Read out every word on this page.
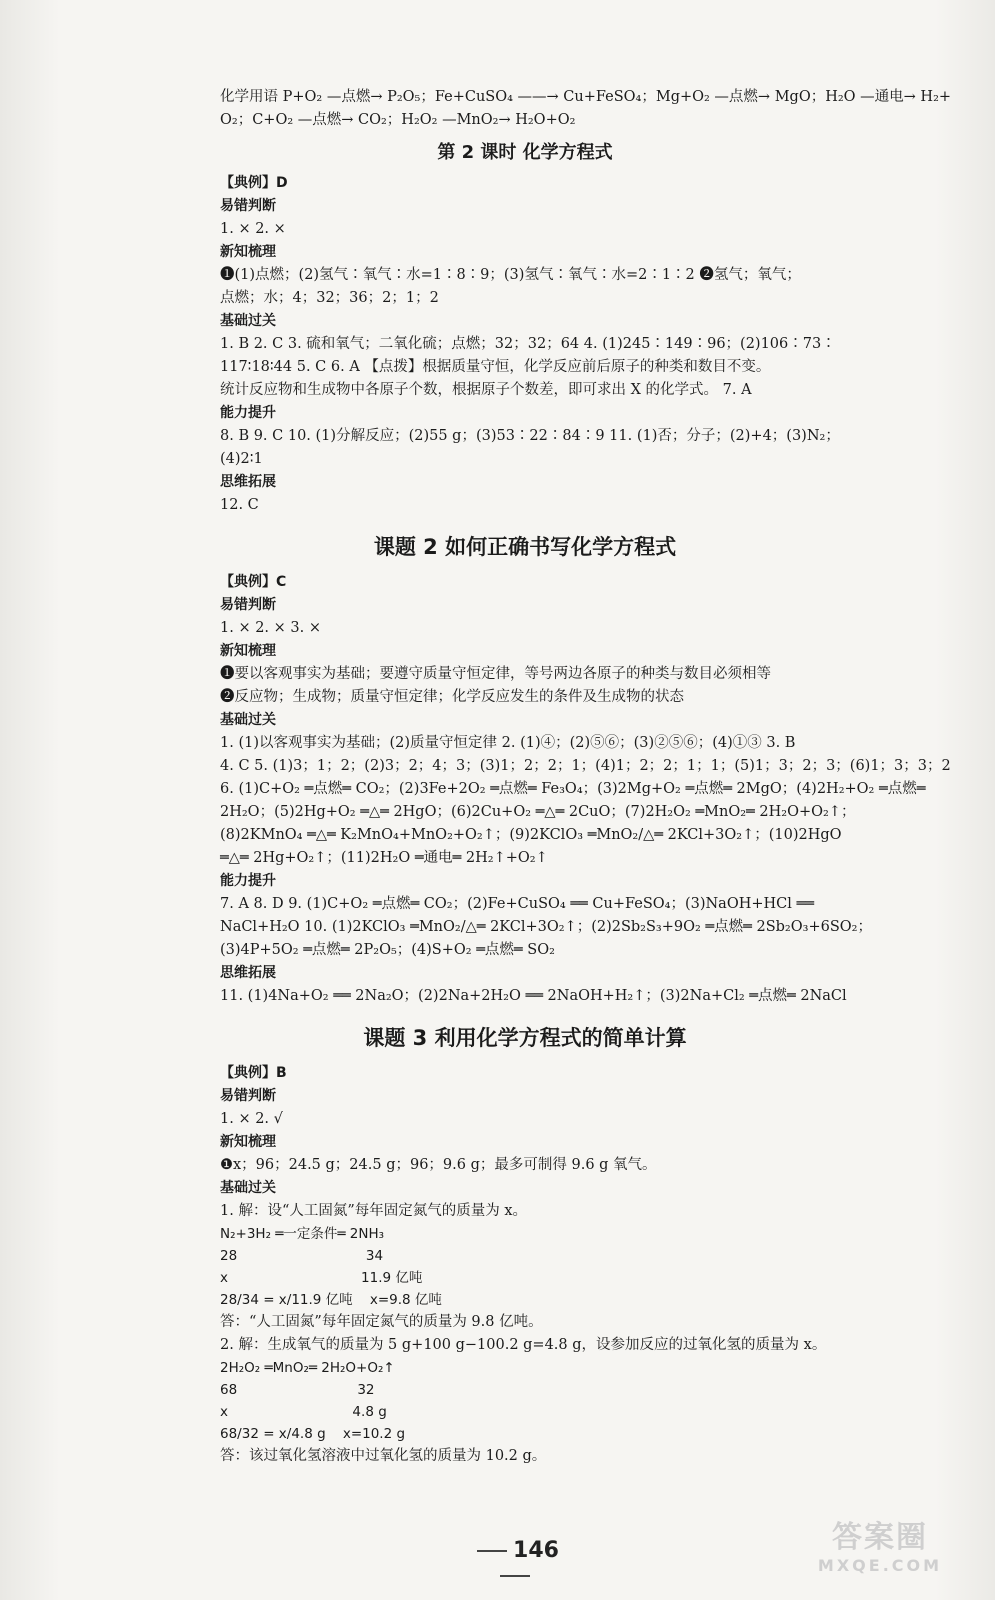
化学用语 P+O₂ —点燃→ P₂O₅；Fe+CuSO₄ ——→ Cu+FeSO₄；Mg+O₂ —点燃→ MgO；H₂O —通电→ H₂+
O₂；C+O₂ —点燃→ CO₂；H₂O₂ —MnO₂→ H₂O+O₂
第 2 课时 化学方程式
【典例】D
易错判断
1. × 2. ×
新知梳理
❶(1)点燃；(2)氢气∶氧气∶水=1∶8∶9；(3)氢气∶氧气∶水=2∶1∶2 ❷氢气；氧气；
点燃；水；4；32；36；2；1；2
基础过关
1. B 2. C 3. 硫和氧气；二氧化硫；点燃；32；32；64 4. (1)245∶149∶96；(2)106∶73∶
117∶18∶44 5. C 6. A 【点拨】根据质量守恒，化学反应前后原子的种类和数目不变。
统计反应物和生成物中各原子个数，根据原子个数差，即可求出 X 的化学式。 7. A
能力提升
8. B 9. C 10. (1)分解反应；(2)55 g；(3)53∶22∶84∶9 11. (1)否；分子；(2)+4；(3)N₂；
(4)2∶1
思维拓展
12. C
课题 2 如何正确书写化学方程式
【典例】C
易错判断
1. × 2. × 3. ×
新知梳理
❶要以客观事实为基础；要遵守质量守恒定律，等号两边各原子的种类与数目必须相等
❷反应物；生成物；质量守恒定律；化学反应发生的条件及生成物的状态
基础过关
1. (1)以客观事实为基础；(2)质量守恒定律 2. (1)④；(2)⑤⑥；(3)②⑤⑥；(4)①③ 3. B
4. C 5. (1)3；1；2；(2)3；2；4；3；(3)1；2；2；1；(4)1；2；2；1；1；(5)1；3；2；3；(6)1；3；3；2
6. (1)C+O₂ ═点燃═ CO₂；(2)3Fe+2O₂ ═点燃═ Fe₃O₄；(3)2Mg+O₂ ═点燃═ 2MgO；(4)2H₂+O₂ ═点燃═
2H₂O；(5)2Hg+O₂ ═△═ 2HgO；(6)2Cu+O₂ ═△═ 2CuO；(7)2H₂O₂ ═MnO₂═ 2H₂O+O₂↑；
(8)2KMnO₄ ═△═ K₂MnO₄+MnO₂+O₂↑；(9)2KClO₃ ═MnO₂/△═ 2KCl+3O₂↑；(10)2HgO
═△═ 2Hg+O₂↑；(11)2H₂O ═通电═ 2H₂↑+O₂↑
能力提升
7. A 8. D 9. (1)C+O₂ ═点燃═ CO₂；(2)Fe+CuSO₄ ══ Cu+FeSO₄；(3)NaOH+HCl ══
NaCl+H₂O 10. (1)2KClO₃ ═MnO₂/△═ 2KCl+3O₂↑；(2)2Sb₂S₃+9O₂ ═点燃═ 2Sb₂O₃+6SO₂；
(3)4P+5O₂ ═点燃═ 2P₂O₅；(4)S+O₂ ═点燃═ SO₂
思维拓展
11. (1)4Na+O₂ ══ 2Na₂O；(2)2Na+2H₂O ══ 2NaOH+H₂↑；(3)2Na+Cl₂ ═点燃═ 2NaCl
课题 3 利用化学方程式的简单计算
【典例】B
易错判断
1. × 2. √
新知梳理
❶x；96；24.5 g；24.5 g；96；9.6 g；最多可制得 9.6 g 氧气。
基础过关
1. 解：设“人工固氮”每年固定氮气的质量为 x。
N₂+3H₂ ═一定条件═ 2NH₃
28                              34
x                               11.9 亿吨
28/34 = x/11.9 亿吨    x=9.8 亿吨
答：“人工固氮”每年固定氮气的质量为 9.8 亿吨。
2. 解：生成氧气的质量为 5 g+100 g−100.2 g=4.8 g，设参加反应的过氧化氢的质量为 x。
2H₂O₂ ═MnO₂═ 2H₂O+O₂↑
68                            32
x                             4.8 g
68/32 = x/4.8 g    x=10.2 g
答：该过氧化氢溶液中过氧化氢的质量为 10.2 g。
146	答案圈
MXQE.COM
